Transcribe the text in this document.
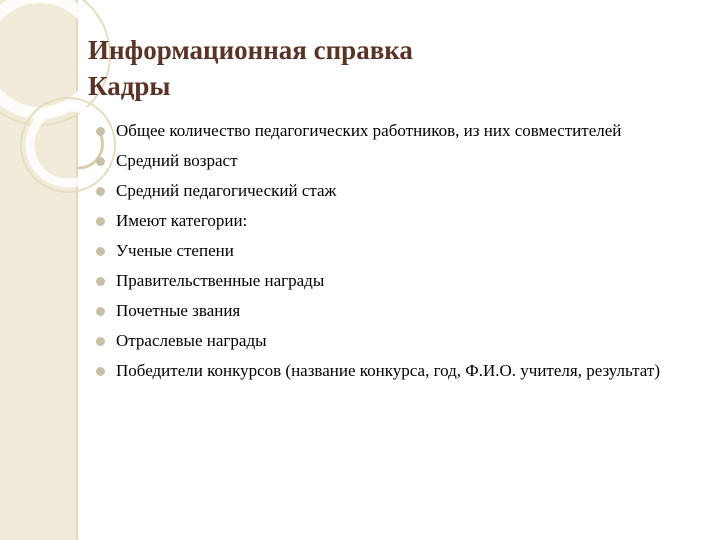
Информационная справка
Кадры
Общее количество педагогических работников, из них совместителей
Средний возраст
Средний педагогический стаж
Имеют категории:
Ученые степени
Правительственные награды
Почетные звания
Отраслевые награды
Победители конкурсов (название конкурса, год, Ф.И.О. учителя, результат)
